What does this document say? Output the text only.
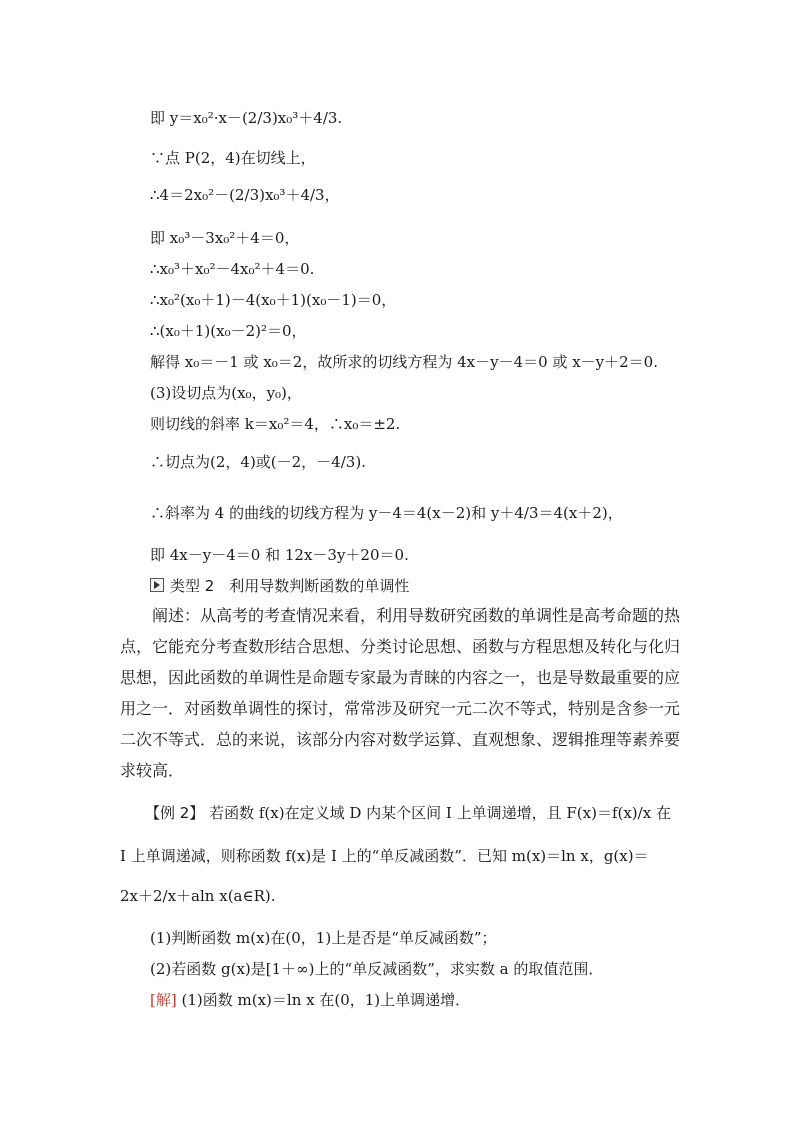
即 y＝x₀²·x－(2/3)x₀³＋4/3.
∵点 P(2，4)在切线上，
∴4＝2x₀²－(2/3)x₀³＋4/3，
即 x₀³－3x₀²＋4＝0，
∴x₀³＋x₀²－4x₀²＋4＝0.
∴x₀²(x₀＋1)－4(x₀＋1)(x₀－1)＝0，
∴(x₀＋1)(x₀－2)²＝0，
解得 x₀＝－1 或 x₀＝2，故所求的切线方程为 4x－y－4＝0 或 x－y＋2＝0.
(3)设切点为(x₀，y₀)，
则切线的斜率 k＝x₀²＝4，∴x₀＝±2.
∴切点为(2，4)或(－2，－4/3).
∴斜率为 4 的曲线的切线方程为 y－4＝4(x－2)和 y＋4/3＝4(x＋2)，
即 4x－y－4＝0 和 12x－3y＋20＝0.
类型 2　利用导数判断函数的单调性
阐述：从高考的考查情况来看，利用导数研究函数的单调性是高考命题的热点，它能充分考查数形结合思想、分类讨论思想、函数与方程思想及转化与化归思想，因此函数的单调性是命题专家最为青睐的内容之一，也是导数最重要的应用之一．对函数单调性的探讨，常常涉及研究一元二次不等式，特别是含参一元二次不等式．总的来说，该部分内容对数学运算、直观想象、逻辑推理等素养要求较高．
【例 2】 若函数 f(x)在定义域 D 内某个区间 I 上单调递增，且 F(x)＝f(x)/x 在
I 上单调递减，则称函数 f(x)是 I 上的“单反减函数”．已知 m(x)＝ln x，g(x)＝
2x＋2/x＋aln x(a∈R).
(1)判断函数 m(x)在(0，1)上是否是“单反减函数”；
(2)若函数 g(x)是[1＋∞)上的“单反减函数”，求实数 a 的取值范围．
[解] (1)函数 m(x)＝ln x 在(0，1)上单调递增．
